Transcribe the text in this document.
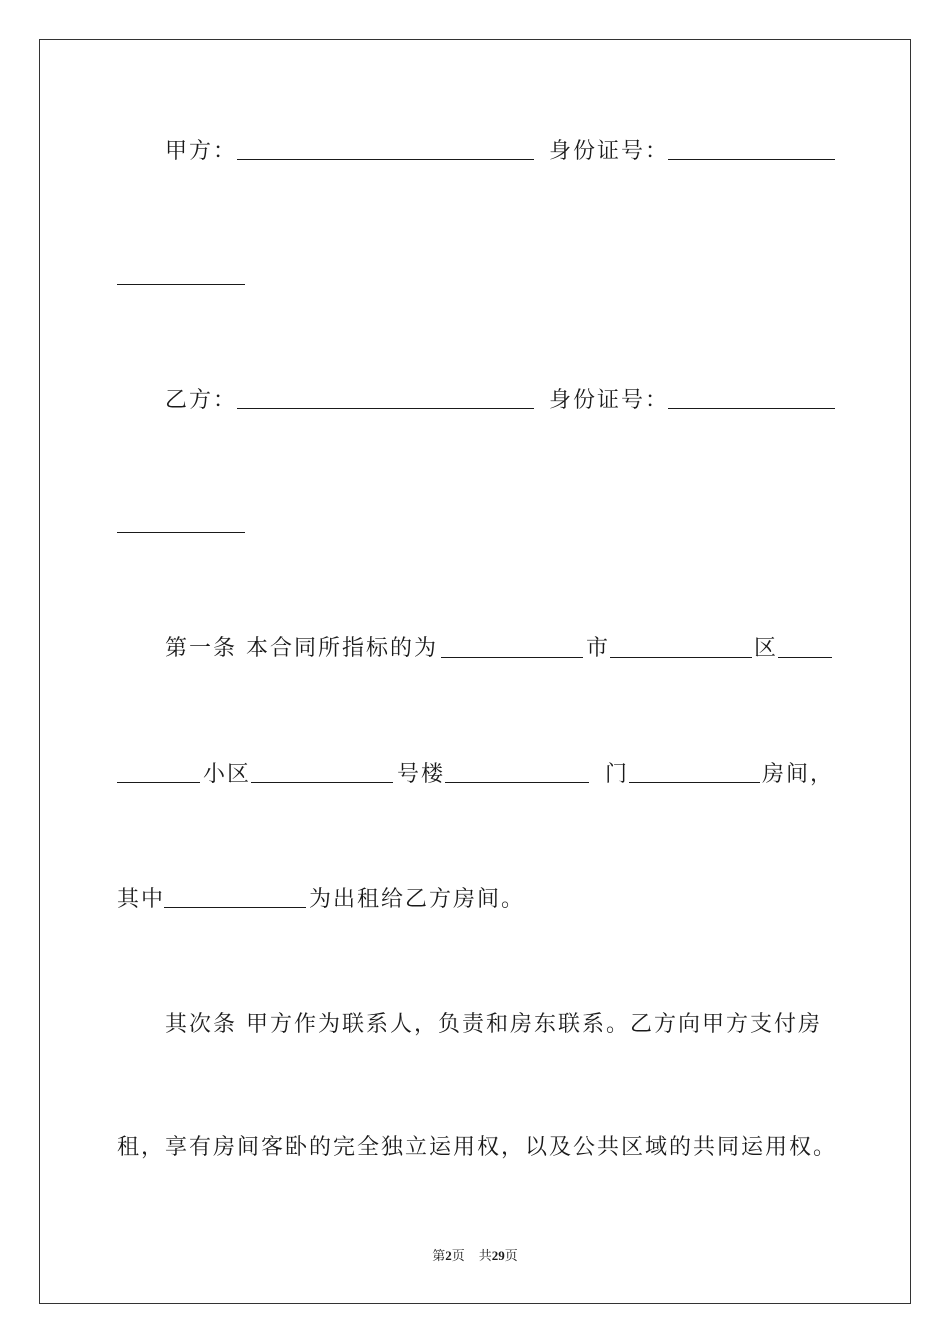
甲方：	身份证号：
乙方：	身份证号：
第一条 本合同所指标的为	市	区
小区	号楼	门	房间，
其中	为出租给乙方房间。
其次条 甲方作为联系人，负责和房东联系。乙方向甲方支付房
租，享有房间客卧的完全独立运用权，以及公共区域的共同运用权。
第2页 共29页
